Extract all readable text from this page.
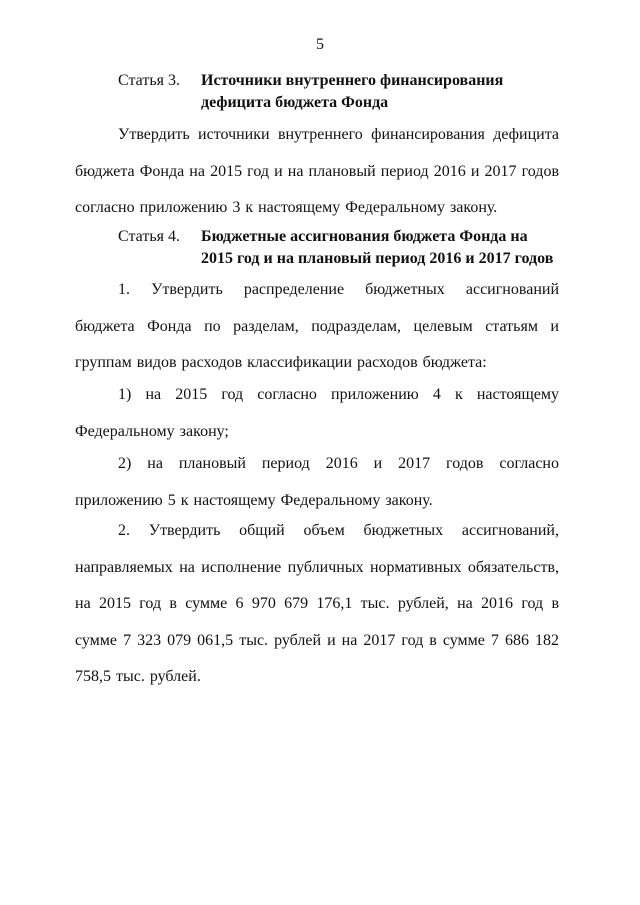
5
Статья 3. Источники внутреннего финансирования
дефицита бюджета Фонда
Утвердить источники внутреннего финансирования дефицита бюджета Фонда на 2015 год и на плановый период 2016 и 2017 годов согласно приложению 3 к настоящему Федеральному закону.
Статья 4. Бюджетные ассигнования бюджета Фонда на
2015 год и на плановый период 2016 и 2017 годов
1. Утвердить распределение бюджетных ассигнований бюджета Фонда по разделам, подразделам, целевым статьям и группам видов расходов классификации расходов бюджета:
1) на 2015 год согласно приложению 4 к настоящему Федеральному закону;
2) на плановый период 2016 и 2017 годов согласно приложению 5 к настоящему Федеральному закону.
2. Утвердить общий объем бюджетных ассигнований, направляемых на исполнение публичных нормативных обязательств, на 2015 год в сумме 6 970 679 176,1 тыс. рублей, на 2016 год в сумме 7 323 079 061,5 тыс. рублей и на 2017 год в сумме 7 686 182 758,5 тыс. рублей.
